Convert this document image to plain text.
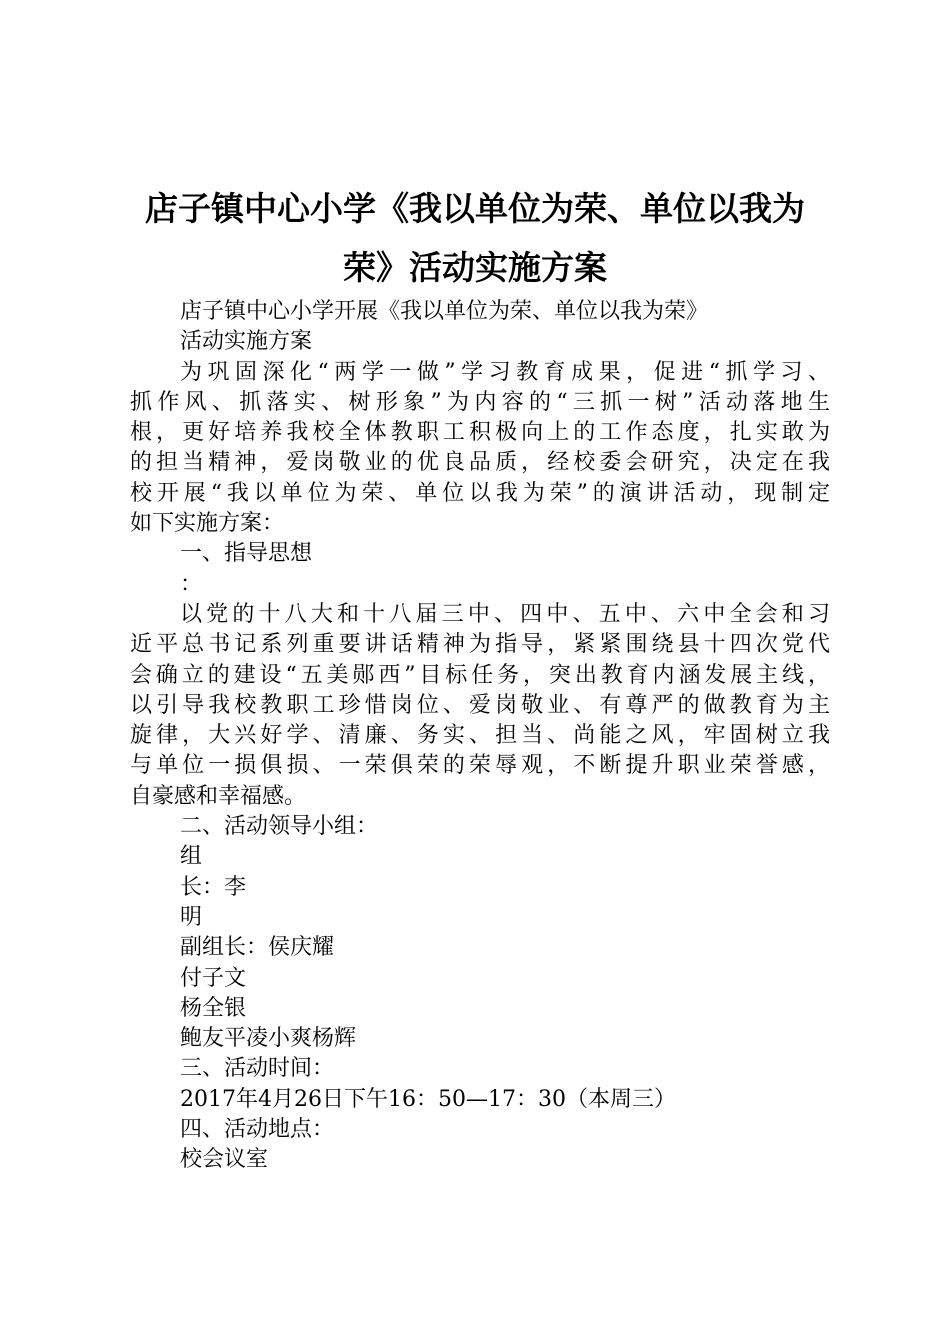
店子镇中心小学《我以单位为荣、单位以我为
荣》活动实施方案
店子镇中心小学开展《我以单位为荣、单位以我为荣》
活动实施方案
为巩固深化“两学一做”学习教育成果，促进“抓学习、
抓作风、抓落实、树形象”为内容的“三抓一树”活动落地生
根，更好培养我校全体教职工积极向上的工作态度，扎实敢为
的担当精神，爱岗敬业的优良品质，经校委会研究，决定在我
校开展“我以单位为荣、单位以我为荣”的演讲活动，现制定
如下实施方案：
一、指导思想
：
以党的十八大和十八届三中、四中、五中、六中全会和习
近平总书记系列重要讲话精神为指导，紧紧围绕县十四次党代
会确立的建设“五美郧西”目标任务，突出教育内涵发展主线，
以引导我校教职工珍惜岗位、爱岗敬业、有尊严的做教育为主
旋律，大兴好学、清廉、务实、担当、尚能之风，牢固树立我
与单位一损俱损、一荣俱荣的荣辱观，不断提升职业荣誉感，
自豪感和幸福感。
二、活动领导小组：
组
长：李
明
副组长：侯庆耀
付子文
杨全银
鲍友平凌小爽杨辉
三、活动时间：
2017年4月26日下午16：50—17：30（本周三）
四、活动地点：
校会议室
